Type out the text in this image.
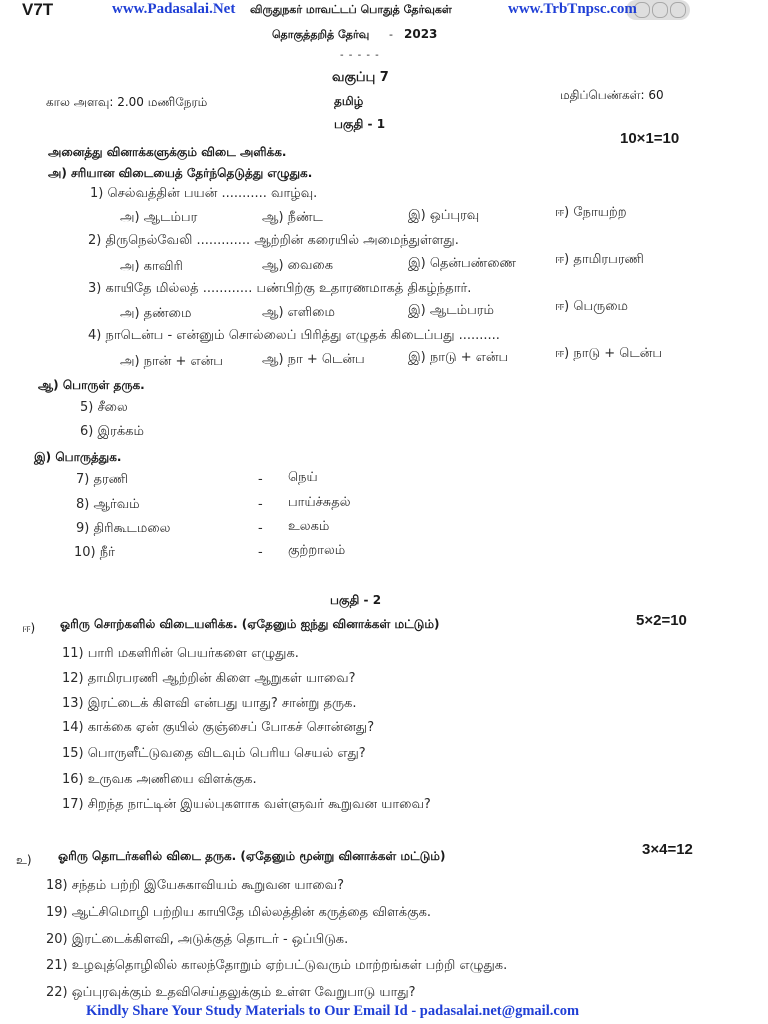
V7T	www.Padasalai.Net விருதுநகர் மாவட்டப் பொதுத் தேர்வுகள்	www.TrbTnpsc.com
தொகுத்தறித் தேர்வு - 2023
- - - - -
வகுப்பு 7
கால அளவு: 2.00 மணிநேரம்	தமிழ்	மதிப்பெண்கள்: 60
பகுதி - 1
10×1=10
அனைத்து வினாக்களுக்கும் விடை அளிக்க.
அ) சரியான விடையைத் தேர்ந்தெடுத்து எழுதுக.
1) செல்வத்தின் பயன் ........... வாழ்வு.
அ) ஆடம்பர	ஆ) நீண்ட	இ) ஒப்புரவு	ஈ) நோயற்ற
2) திருநெல்வேலி ............. ஆற்றின் கரையில் அமைந்துள்ளது.
அ) காவிரி	ஆ) வைகை	இ) தென்பண்ணை	ஈ) தாமிரபரணி
3) காயிதே மில்லத் ............ பண்பிற்கு உதாரணமாகத் திகழ்ந்தார்.
அ) தண்மை	ஆ) எளிமை	இ) ஆடம்பரம்	ஈ) பெருமை
4) நாடென்ப - என்னும் சொல்லைப் பிரித்து எழுதக் கிடைப்பது ..........
அ) நான் + என்ப	ஆ) நா + டென்ப	இ) நாடு + என்ப	ஈ) நாடு + டென்ப
ஆ) பொருள் தருக.
5) சீலை
6) இரக்கம்
இ) பொருத்துக.
7) தரணி	- நெய்
8) ஆர்வம்	- பாய்ச்சுதல்
9) திரிகூடமலை	- உலகம்
10) நீர்	- குற்றாலம்
பகுதி - 2
ஈ) ஓரிரு சொற்களில் விடையளிக்க. (ஏதேனும் ஐந்து வினாக்கள் மட்டும்)	5×2=10
11) பாரி மகளிரின் பெயர்களை எழுதுக.
12) தாமிரபரணி ஆற்றின் கிளை ஆறுகள் யாவை?
13) இரட்டைக் கிளவி என்பது யாது? சான்று தருக.
14) காக்கை ஏன் குயில் குஞ்சைப் போகச் சொன்னது?
15) பொருளீட்டுவதை விடவும் பெரிய செயல் எது?
16) உருவக அணியை விளக்குக.
17) சிறந்த நாட்டின் இயல்புகளாக வள்ளுவர் கூறுவன யாவை?
உ) ஓரிரு தொடர்களில் விடை தருக. (ஏதேனும் மூன்று வினாக்கள் மட்டும்)	3×4=12
18) சந்தம் பற்றி இயேசுகாவியம் கூறுவன யாவை?
19) ஆட்சிமொழி பற்றிய காயிதே மில்லத்தின் கருத்தை விளக்குக.
20) இரட்டைக்கிளவி, அடுக்குத் தொடர் - ஒப்பிடுக.
21) உழவுத்தொழிலில் காலந்தோறும் ஏற்பட்டுவரும் மாற்றங்கள் பற்றி எழுதுக.
22) ஒப்புரவுக்கும் உதவிசெய்தலுக்கும் உள்ள வேறுபாடு யாது?
Kindly Share Your Study Materials to Our Email Id - padasalai.net@gmail.com
